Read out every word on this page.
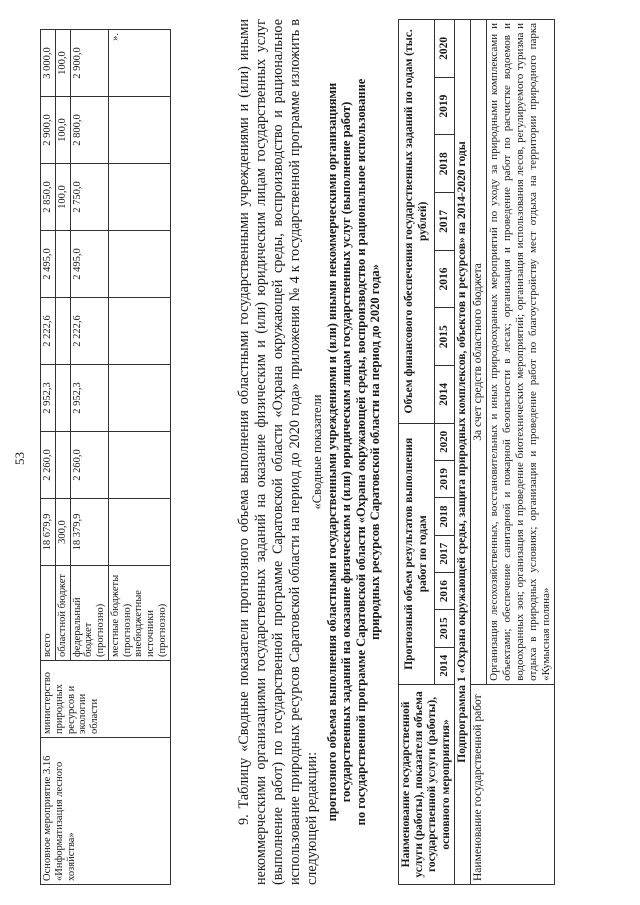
53
Основное мероприятие 3.16 «Информатизация лесного хозяйства»	министерство природных ресурсов и экологии области	всего	18 679,9	2 260,0	2 952,3	2 222,6	2 495,0	2 850,0	2 900,0	3 000,0
		областной бюджет	300,0					100,0	100,0	100,0
		федеральный бюджет (прогнозно)	18 379,9	2 260,0	2 952,3	2 222,6	2 495,0	2 750,0	2 800,0	2 900,0
		местные бюджеты (прогнозно) внебюджетные источники (прогнозно)								».	9. Таблицу «Сводные показатели прогнозного объема выполнения областными государственными учреждениями и (или) иными некоммерческими организациями государственных заданий на оказание физическим и (или) юридическим лицам государственных услуг (выполнение работ) по государственной программе Саратовской области «Охрана окружающей среды, воспроизводство и рациональное использование природных ресурсов Саратовской области на период до 2020 года» приложения № 4 к государственной программе изложить в следующей редакции:

«Сводные показатели прогнозного объема выполнения областными государственными учреждениями и (или) иными некоммерческими организациями государственных заданий на оказание физическим и (или) юридическим лицам государственных услуг (выполнение работ) по государственной программе Саратовской области «Охрана окружающей среды, воспроизводство и рациональное использование природных ресурсов Саратовской области на период до 2020 года»
Наименование государственной услуги (работы), показателя объема государственной услуги (работы), основного мероприятия»	Прогнозный объем результатов выполнения работ по годам							Объем финансового обеспечения государственных заданий по годам (тыс. рублей)						
	2014	2015	2016	2017	2018	2019	2020	2014	2015	2016	2017	2018	2019	2020
Подпрограмма 1 «Охрана окружающей среды, защита природных комплексов, объектов и ресурсов» на 2014-2020 годы														
Наименование государственной работ	За счет средств областного бюджета													
	Организация лесохозяйственных, восстановительных и иных природоохранных мероприятий по уходу за природными комплексами и объектами; обеспечение санитарной и пожарной безопасности в лесах; организация и проведение работ по расчистке водоемов и водоохранных зон; организация и проведение биотехнических мероприятий; организация использования лесов, регулируемого туризма и отдыха в природных условиях; организация и проведение работ по благоустройству мест отдыха на территории природного парка «Кумысная поляна»													
